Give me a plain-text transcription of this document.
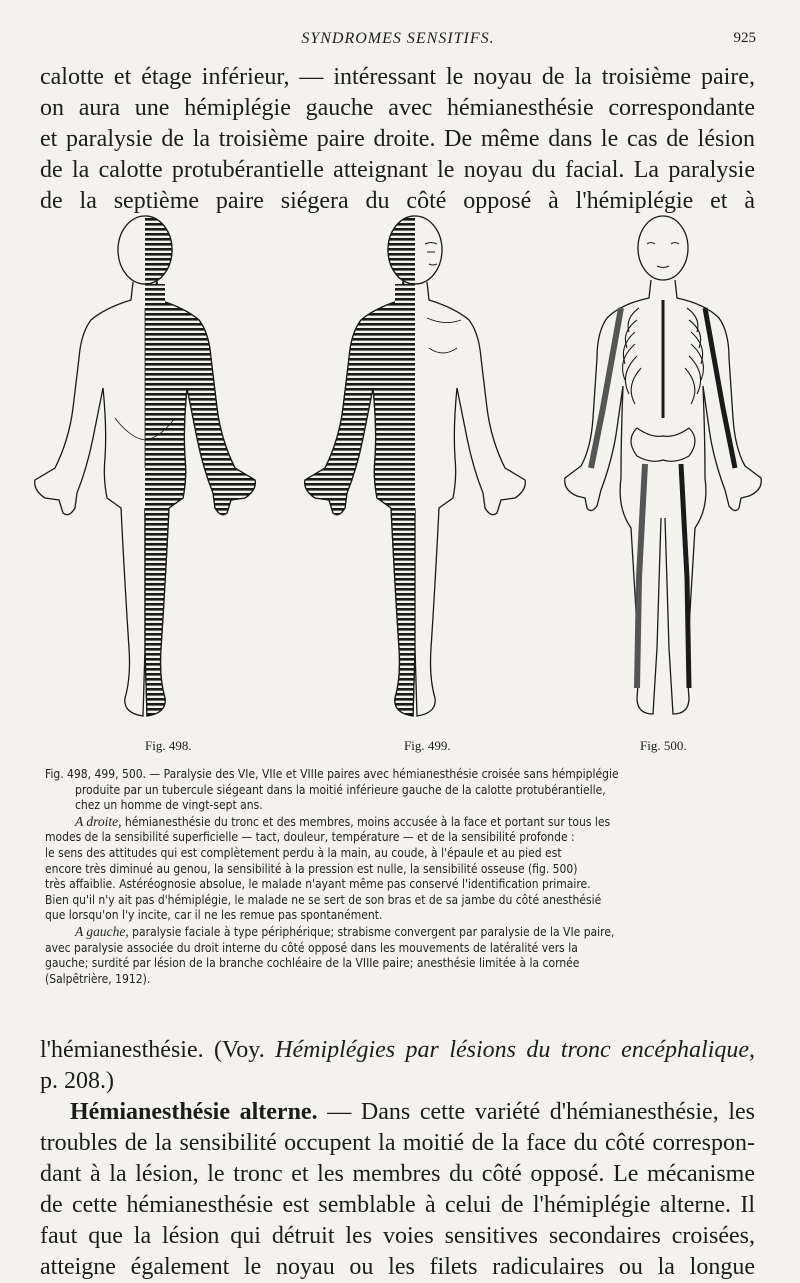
SYNDROMES SENSITIFS.	925
calotte et étage inférieur, — intéressant le noyau de la troisième paire,
on aura une hémiplégie gauche avec hémianesthésie correspondante
et paralysie de la troisième paire droite. De même dans le cas de lésion
de la calotte protubérantielle atteignant le noyau du facial. La paralysie
de la septième paire siégera du côté opposé à l'hémiplégie et à
Fig. 498.	Fig. 499.	Fig. 500.
Fig. 498, 499, 500. — Paralysie des VIe, VIIe et VIIIe paires avec hémianesthésie croisée sans hémpiplégie
produite par un tubercule siégeant dans la moitié inférieure gauche de la calotte protubérantielle,
chez un homme de vingt-sept ans.
A droite, hémianesthésie du tronc et des membres, moins accusée à la face et portant sur tous les
modes de la sensibilité superficielle — tact, douleur, température — et de la sensibilité profonde :
le sens des attitudes qui est complètement perdu à la main, au coude, à l'épaule et au pied est
encore très diminué au genou, la sensibilité à la pression est nulle, la sensibilité osseuse (fig. 500)
très affaiblie. Astéréognosie absolue, le malade n'ayant même pas conservé l'identification primaire.
Bien qu'il n'y ait pas d'hémiplégie, le malade ne se sert de son bras et de sa jambe du côté anesthésié
que lorsqu'on l'y incite, car il ne les remue pas spontanément.
A gauche, paralysie faciale à type périphérique; strabisme convergent par paralysie de la VIe paire,
avec paralysie associée du droit interne du côté opposé dans les mouvements de latéralité vers la
gauche; surdité par lésion de la branche cochléaire de la VIIIe paire; anesthésie limitée à la cornée
(Salpêtrière, 1912).
l'hémianesthésie. (Voy. Hémiplégies par lésions du tronc encéphalique,
p. 208.)
Hémianesthésie alterne. — Dans cette variété d'hémianesthésie, les
troubles de la sensibilité occupent la moitié de la face du côté correspon-
dant à la lésion, le tronc et les membres du côté opposé. Le mécanisme
de cette hémianesthésie est semblable à celui de l'hémiplégie alterne. Il
faut que la lésion qui détruit les voies sensitives secondaires croisées,
atteigne également le noyau ou les filets radiculaires ou la longue
